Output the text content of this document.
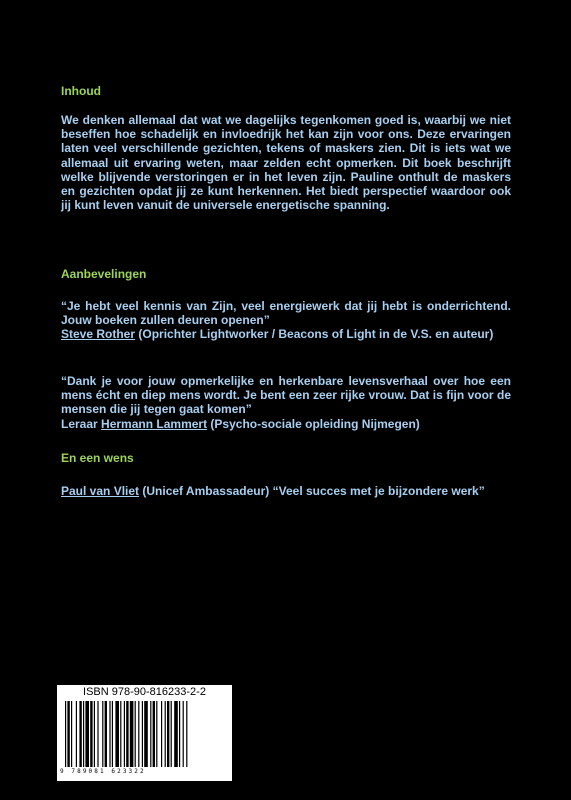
Inhoud

We denken allemaal dat wat we dagelijks tegenkomen goed is, waarbij we niet beseffen hoe schadelijk en invloedrijk het kan zijn voor ons. Deze ervaringen laten veel verschillende gezichten, tekens of maskers zien. Dit is iets wat we allemaal uit ervaring weten, maar zelden echt opmerken. Dit boek beschrijft welke blijvende verstoringen er in het leven zijn. Pauline onthult de maskers en gezichten opdat jij ze kunt herkennen. Het biedt perspectief waardoor ook jij kunt leven vanuit de universele energetische spanning.

Aanbevelingen
“Je hebt veel kennis van Zijn, veel energiewerk dat jij hebt is onderrichtend. Jouw boeken zullen deuren openen”
Steve Rother (Oprichter Lightworker / Beacons of Light in de V.S. en auteur)
“Dank je voor jouw opmerkelijke en herkenbare levensverhaal over hoe een mens écht en diep mens wordt. Je bent een zeer rijke vrouw. Dat is fijn voor de mensen die jij tegen gaat komen”
Leraar Hermann Lammert (Psycho-sociale opleiding Nijmegen)
En een wens
Paul van Vliet (Unicef Ambassadeur) “Veel succes met je bijzondere werk”
ISBN 978-90-816233-2-2
9 789081 623322
